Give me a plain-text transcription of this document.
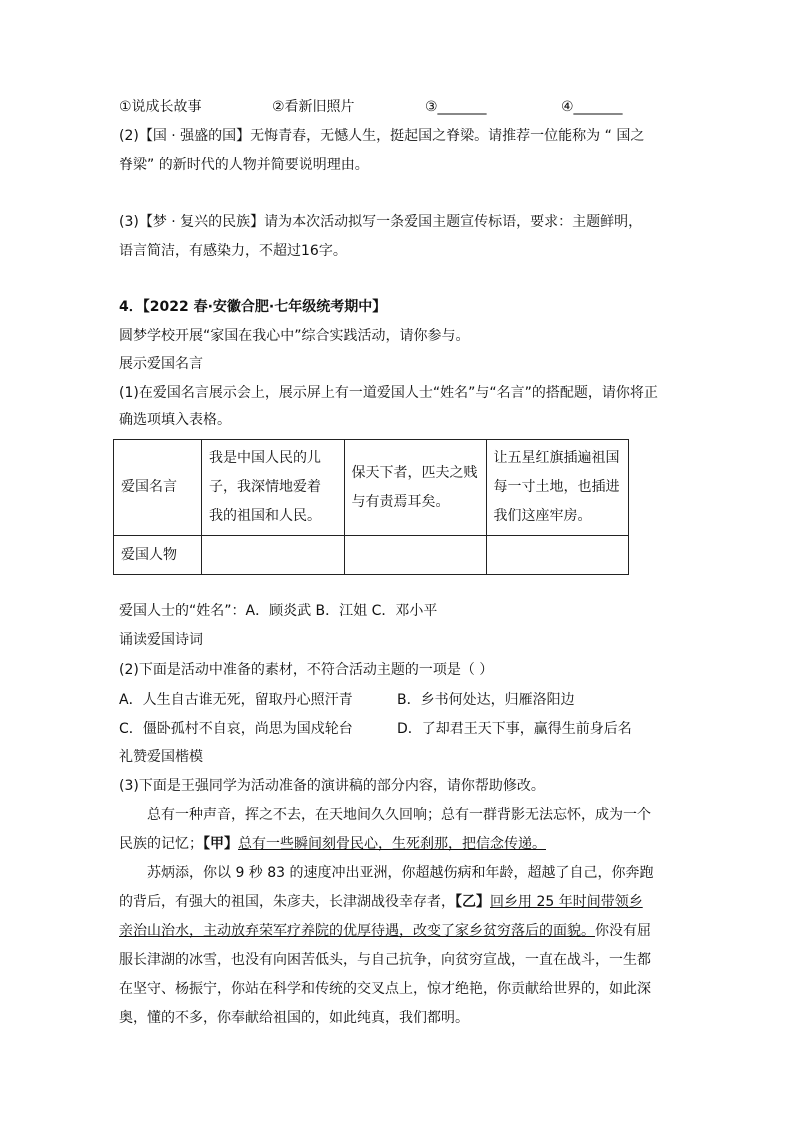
①说成长故事	②看新旧照片	③_______	④_______
(2)【国 · 强盛的国】无悔青春，无憾人生，挺起国之脊梁。请推荐一位能称为 “ 国之
脊梁” 的新时代的人物并简要说明理由。
(3)【梦 · 复兴的民族】请为本次活动拟写一条爱国主题宣传标语，要求：主题鲜明，
语言简洁，有感染力，不超过16字。
4．【2022 春·安徽合肥·七年级统考期中】
圆梦学校开展“家国在我心中”综合实践活动，请你参与。
展示爱国名言
(1)在爱国名言展示会上，展示屏上有一道爱国人士“姓名”与“名言”的搭配题，请你将正
确选项填入表格。
爱国名言	我是中国人民的儿
子，我深情地爱着
我的祖国和人民。	保天下者，匹夫之贱
与有责焉耳矣。	让五星红旗插遍祖国
每一寸土地，也插进
我们这座牢房。

爱国人物			
爱国人士的“姓名”：A．顾炎武 B．江姐 C．邓小平
诵读爱国诗词
(2)下面是活动中准备的素材，不符合活动主题的一项是（ ）
A．人生自古谁无死，留取丹心照汗青	B．乡书何处达，归雁洛阳边
C．僵卧孤村不自哀，尚思为国戍轮台	D．了却君王天下事，赢得生前身后名
礼赞爱国楷模
(3)下面是王强同学为活动准备的演讲稿的部分内容，请你帮助修改。
总有一种声音，挥之不去，在天地间久久回响；总有一群背影无法忘怀，成为一个
民族的记忆；【甲】总有一些瞬间刻骨民心，生死刹那，把信念传递。
苏炳添，你以 9 秒 83 的速度冲出亚洲，你超越伤病和年龄，超越了自己，你奔跑
的背后，有强大的祖国，朱彦夫，长津湖战役幸存者，【乙】回乡用 25 年时间带领乡
亲治山治水，主动放弃荣军疗养院的优厚待遇，改变了家乡贫穷落后的面貌。你没有屈
服长津湖的冰雪，也没有向困苦低头，与自己抗争，向贫穷宣战，一直在战斗，一生都
在坚守、杨振宁，你站在科学和传统的交叉点上，惊才绝艳，你贡献给世界的，如此深
奥，懂的不多，你奉献给祖国的，如此纯真，我们都明。
